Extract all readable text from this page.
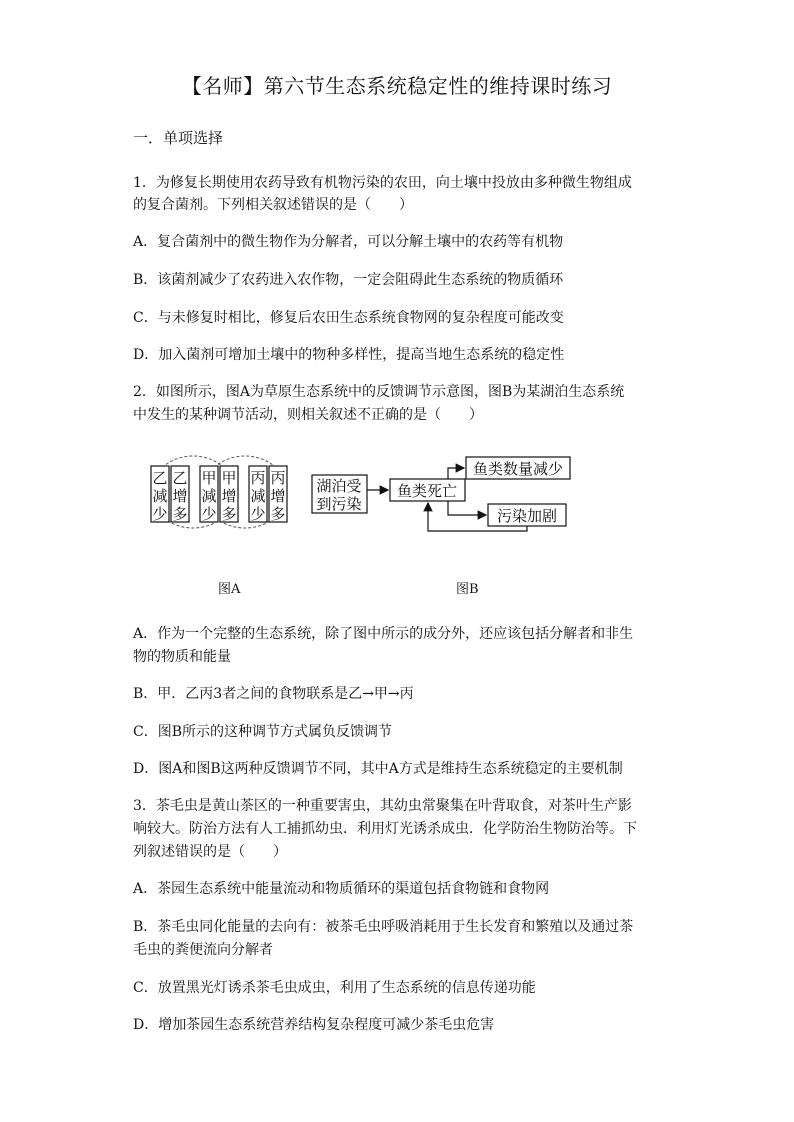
【名师】第六节生态系统稳定性的维持课时练习
一．单项选择
1．为修复长期使用农药导致有机物污染的农田，向土壤中投放由多种微生物组成
的复合菌剂。下列相关叙述错误的是（　　）
A．复合菌剂中的微生物作为分解者，可以分解土壤中的农药等有机物
B．该菌剂减少了农药进入农作物，一定会阻碍此生态系统的物质循环
C．与未修复时相比，修复后农田生态系统食物网的复杂程度可能改变
D．加入菌剂可增加土壤中的物种多样性，提高当地生态系统的稳定性
2．如图所示，图A为草原生态系统中的反馈调节示意图，图B为某湖泊生态系统
中发生的某种调节活动，则相关叙述不正确的是（　　）
乙减少
乙增多
甲减少
甲增多
丙减少
丙增多
图A
湖泊受
到污染
鱼类死亡
鱼类数量减少
污染加剧
图B
A．作为一个完整的生态系统，除了图中所示的成分外，还应该包括分解者和非生
物的物质和能量
B．甲．乙丙3者之间的食物联系是乙→甲→丙
C．图B所示的这种调节方式属负反馈调节
D．图A和图B这两种反馈调节不同，其中A方式是维持生态系统稳定的主要机制
3．茶毛虫是黄山茶区的一种重要害虫，其幼虫常聚集在叶背取食，对茶叶生产影
响较大。防治方法有人工捕抓幼虫．利用灯光诱杀成虫．化学防治生物防治等。下
列叙述错误的是（　　）
A．茶园生态系统中能量流动和物质循环的渠道包括食物链和食物网
B．茶毛虫同化能量的去向有：被茶毛虫呼吸消耗用于生长发育和繁殖以及通过茶
毛虫的粪便流向分解者
C．放置黑光灯诱杀茶毛虫成虫，利用了生态系统的信息传递功能
D．增加茶园生态系统营养结构复杂程度可减少茶毛虫危害
